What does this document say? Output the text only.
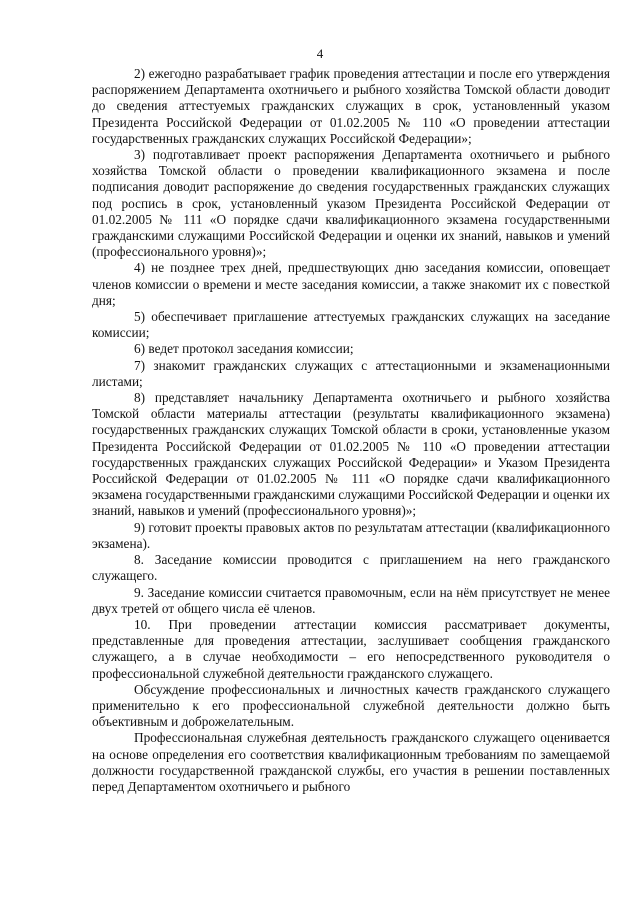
4

2) ежегодно разрабатывает график проведения аттестации и после его утверждения распоряжением Департамента охотничьего и рыбного хозяйства Томской области доводит до сведения аттестуемых гражданских служащих в срок, установленный указом Президента Российской Федерации от 01.02.2005 № 110 «О проведении аттестации государственных гражданских служащих Российской Федерации»;

3) подготавливает проект распоряжения Департамента охотничьего и рыбного хозяйства Томской области о проведении квалификационного экзамена и после подписания доводит распоряжение до сведения государственных гражданских служащих под роспись в срок, установленный указом Президента Российской Федерации от 01.02.2005 № 111 «О порядке сдачи квалификационного экзамена государственными гражданскими служащими Российской Федерации и оценки их знаний, навыков и умений (профессионального уровня)»;

4) не позднее трех дней, предшествующих дню заседания комиссии, оповещает членов комиссии о времени и месте заседания комиссии, а также знакомит их с повесткой дня;

5) обеспечивает приглашение аттестуемых гражданских служащих на заседание комиссии;

6) ведет протокол заседания комиссии;

7) знакомит гражданских служащих с аттестационными и экзаменационными листами;

8) представляет начальнику Департамента охотничьего и рыбного хозяйства Томской области материалы аттестации (результаты квалификационного экзамена) государственных гражданских служащих Томской области в сроки, установленные указом Президента Российской Федерации от 01.02.2005 № 110 «О проведении аттестации государственных гражданских служащих Российской Федерации» и Указом Президента Российской Федерации от 01.02.2005 № 111 «О порядке сдачи квалификационного экзамена государственными гражданскими служащими Российской Федерации и оценки их знаний, навыков и умений (профессионального уровня)»;

9) готовит проекты правовых актов по результатам аттестации (квалификационного экзамена).

8. Заседание комиссии проводится с приглашением на него гражданского служащего.

9. Заседание комиссии считается правомочным, если на нём присутствует не менее двух третей от общего числа её членов.

10. При проведении аттестации комиссия рассматривает документы, представленные для проведения аттестации, заслушивает сообщения гражданского служащего, а в случае необходимости – его непосредственного руководителя о профессиональной служебной деятельности гражданского служащего.

Обсуждение профессиональных и личностных качеств гражданского служащего применительно к его профессиональной служебной деятельности должно быть объективным и доброжелательным.

Профессиональная служебная деятельность гражданского служащего оценивается на основе определения его соответствия квалификационным требованиям по замещаемой должности государственной гражданской службы, его участия в решении поставленных перед Департаментом охотничьего и рыбного
